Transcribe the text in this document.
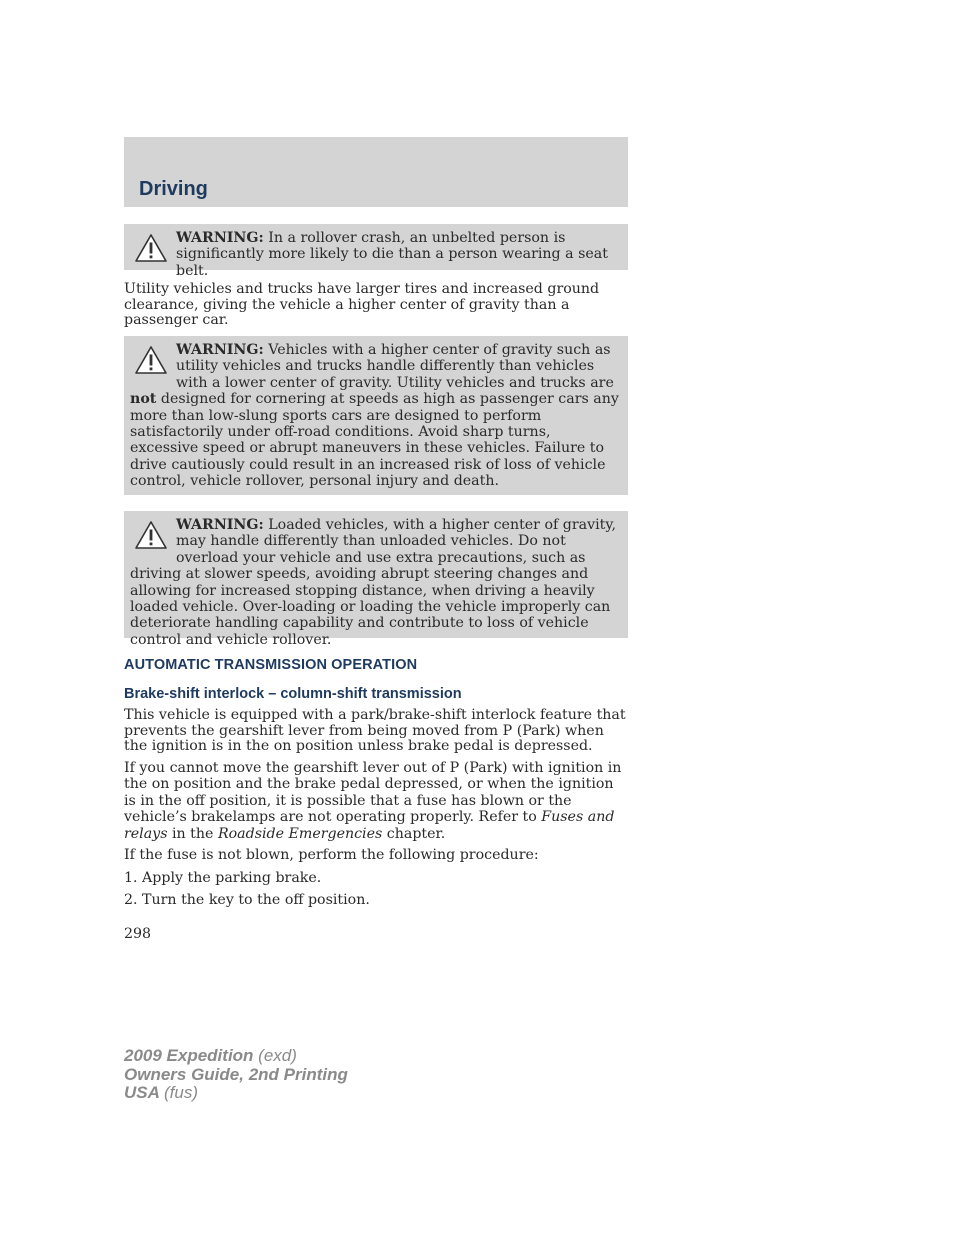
Driving
WARNING: In a rollover crash, an unbelted person is significantly more likely to die than a person wearing a seat belt.
Utility vehicles and trucks have larger tires and increased ground clearance, giving the vehicle a higher center of gravity than a passenger car.
WARNING: Vehicles with a higher center of gravity such as utility vehicles and trucks handle differently than vehicles with a lower center of gravity. Utility vehicles and trucks are not designed for cornering at speeds as high as passenger cars any more than low-slung sports cars are designed to perform satisfactorily under off-road conditions. Avoid sharp turns, excessive speed or abrupt maneuvers in these vehicles. Failure to drive cautiously could result in an increased risk of loss of vehicle control, vehicle rollover, personal injury and death.
WARNING: Loaded vehicles, with a higher center of gravity, may handle differently than unloaded vehicles. Do not overload your vehicle and use extra precautions, such as driving at slower speeds, avoiding abrupt steering changes and allowing for increased stopping distance, when driving a heavily loaded vehicle. Over-loading or loading the vehicle improperly can deteriorate handling capability and contribute to loss of vehicle control and vehicle rollover.
AUTOMATIC TRANSMISSION OPERATION
Brake-shift interlock – column-shift transmission
This vehicle is equipped with a park/brake-shift interlock feature that prevents the gearshift lever from being moved from P (Park) when the ignition is in the on position unless brake pedal is depressed.
If you cannot move the gearshift lever out of P (Park) with ignition in the on position and the brake pedal depressed, or when the ignition is in the off position, it is possible that a fuse has blown or the vehicle’s brakelamps are not operating properly. Refer to Fuses and relays in the Roadside Emergencies chapter.
If the fuse is not blown, perform the following procedure:
1. Apply the parking brake.
2. Turn the key to the off position.
298
2009 Expedition (exd)
Owners Guide, 2nd Printing
USA (fus)
